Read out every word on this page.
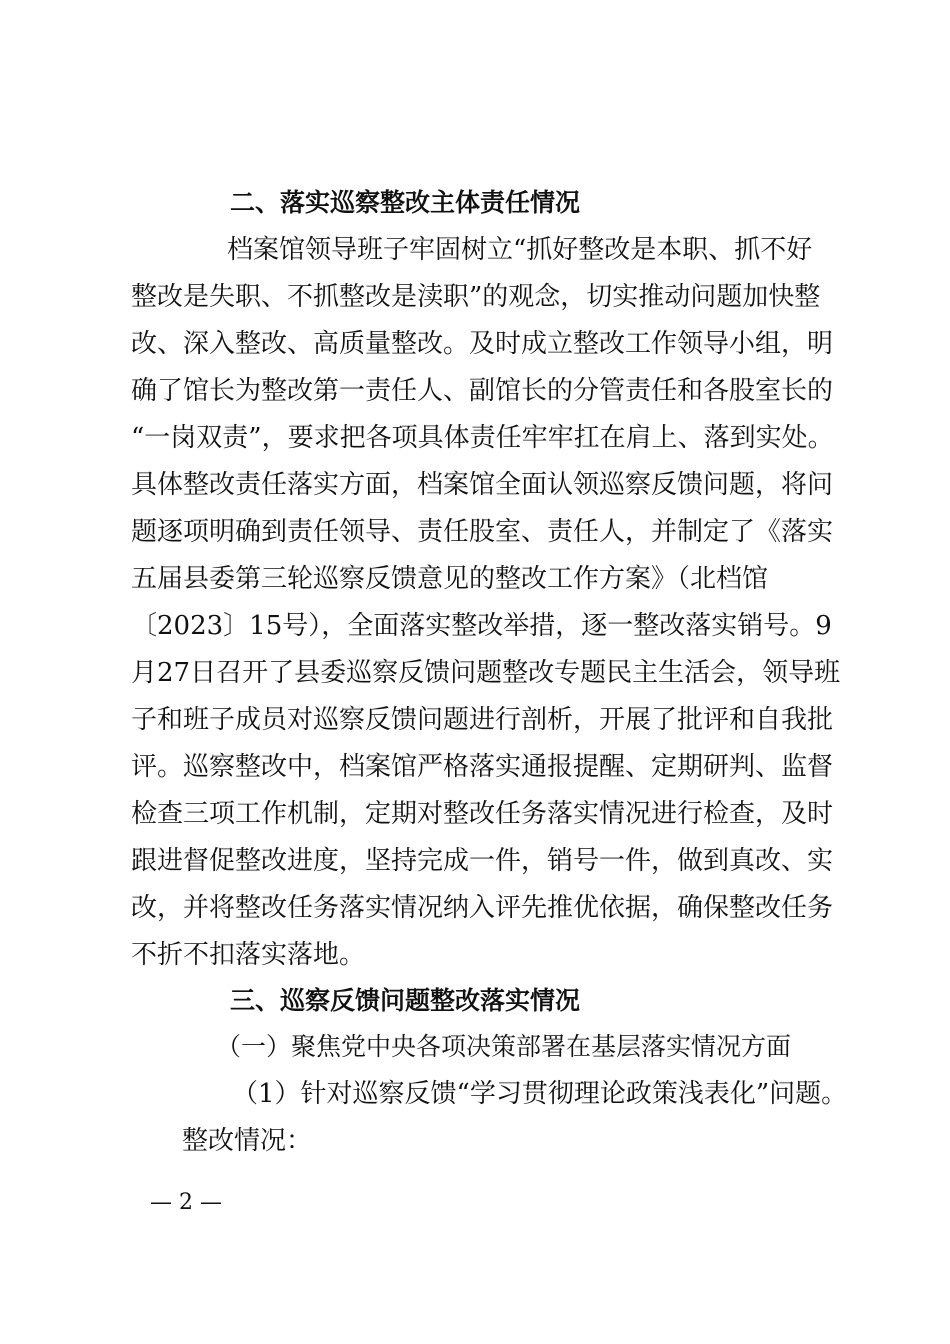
二、落实巡察整改主体责任情况
档案馆领导班子牢固树立“抓好整改是本职、抓不好
整改是失职、不抓整改是渎职”的观念，切实推动问题加快整
改、深入整改、高质量整改。及时成立整改工作领导小组，明
确了馆长为整改第一责任人、副馆长的分管责任和各股室长的
“一岗双责”，要求把各项具体责任牢牢扛在肩上、落到实处。
具体整改责任落实方面，档案馆全面认领巡察反馈问题，将问
题逐项明确到责任领导、责任股室、责任人，并制定了《落实
五届县委第三轮巡察反馈意见的整改工作方案》（北档馆
〔2023〕15号），全面落实整改举措，逐一整改落实销号。9
月27日召开了县委巡察反馈问题整改专题民主生活会，领导班
子和班子成员对巡察反馈问题进行剖析，开展了批评和自我批
评。巡察整改中，档案馆严格落实通报提醒、定期研判、监督
检查三项工作机制，定期对整改任务落实情况进行检查，及时
跟进督促整改进度，坚持完成一件，销号一件，做到真改、实
改，并将整改任务落实情况纳入评先推优依据，确保整改任务
不折不扣落实落地。
三、巡察反馈问题整改落实情况
（一）聚焦党中央各项决策部署在基层落实情况方面
（1）针对巡察反馈“学习贯彻理论政策浅表化”问题。
整改情况：
— 2 —
